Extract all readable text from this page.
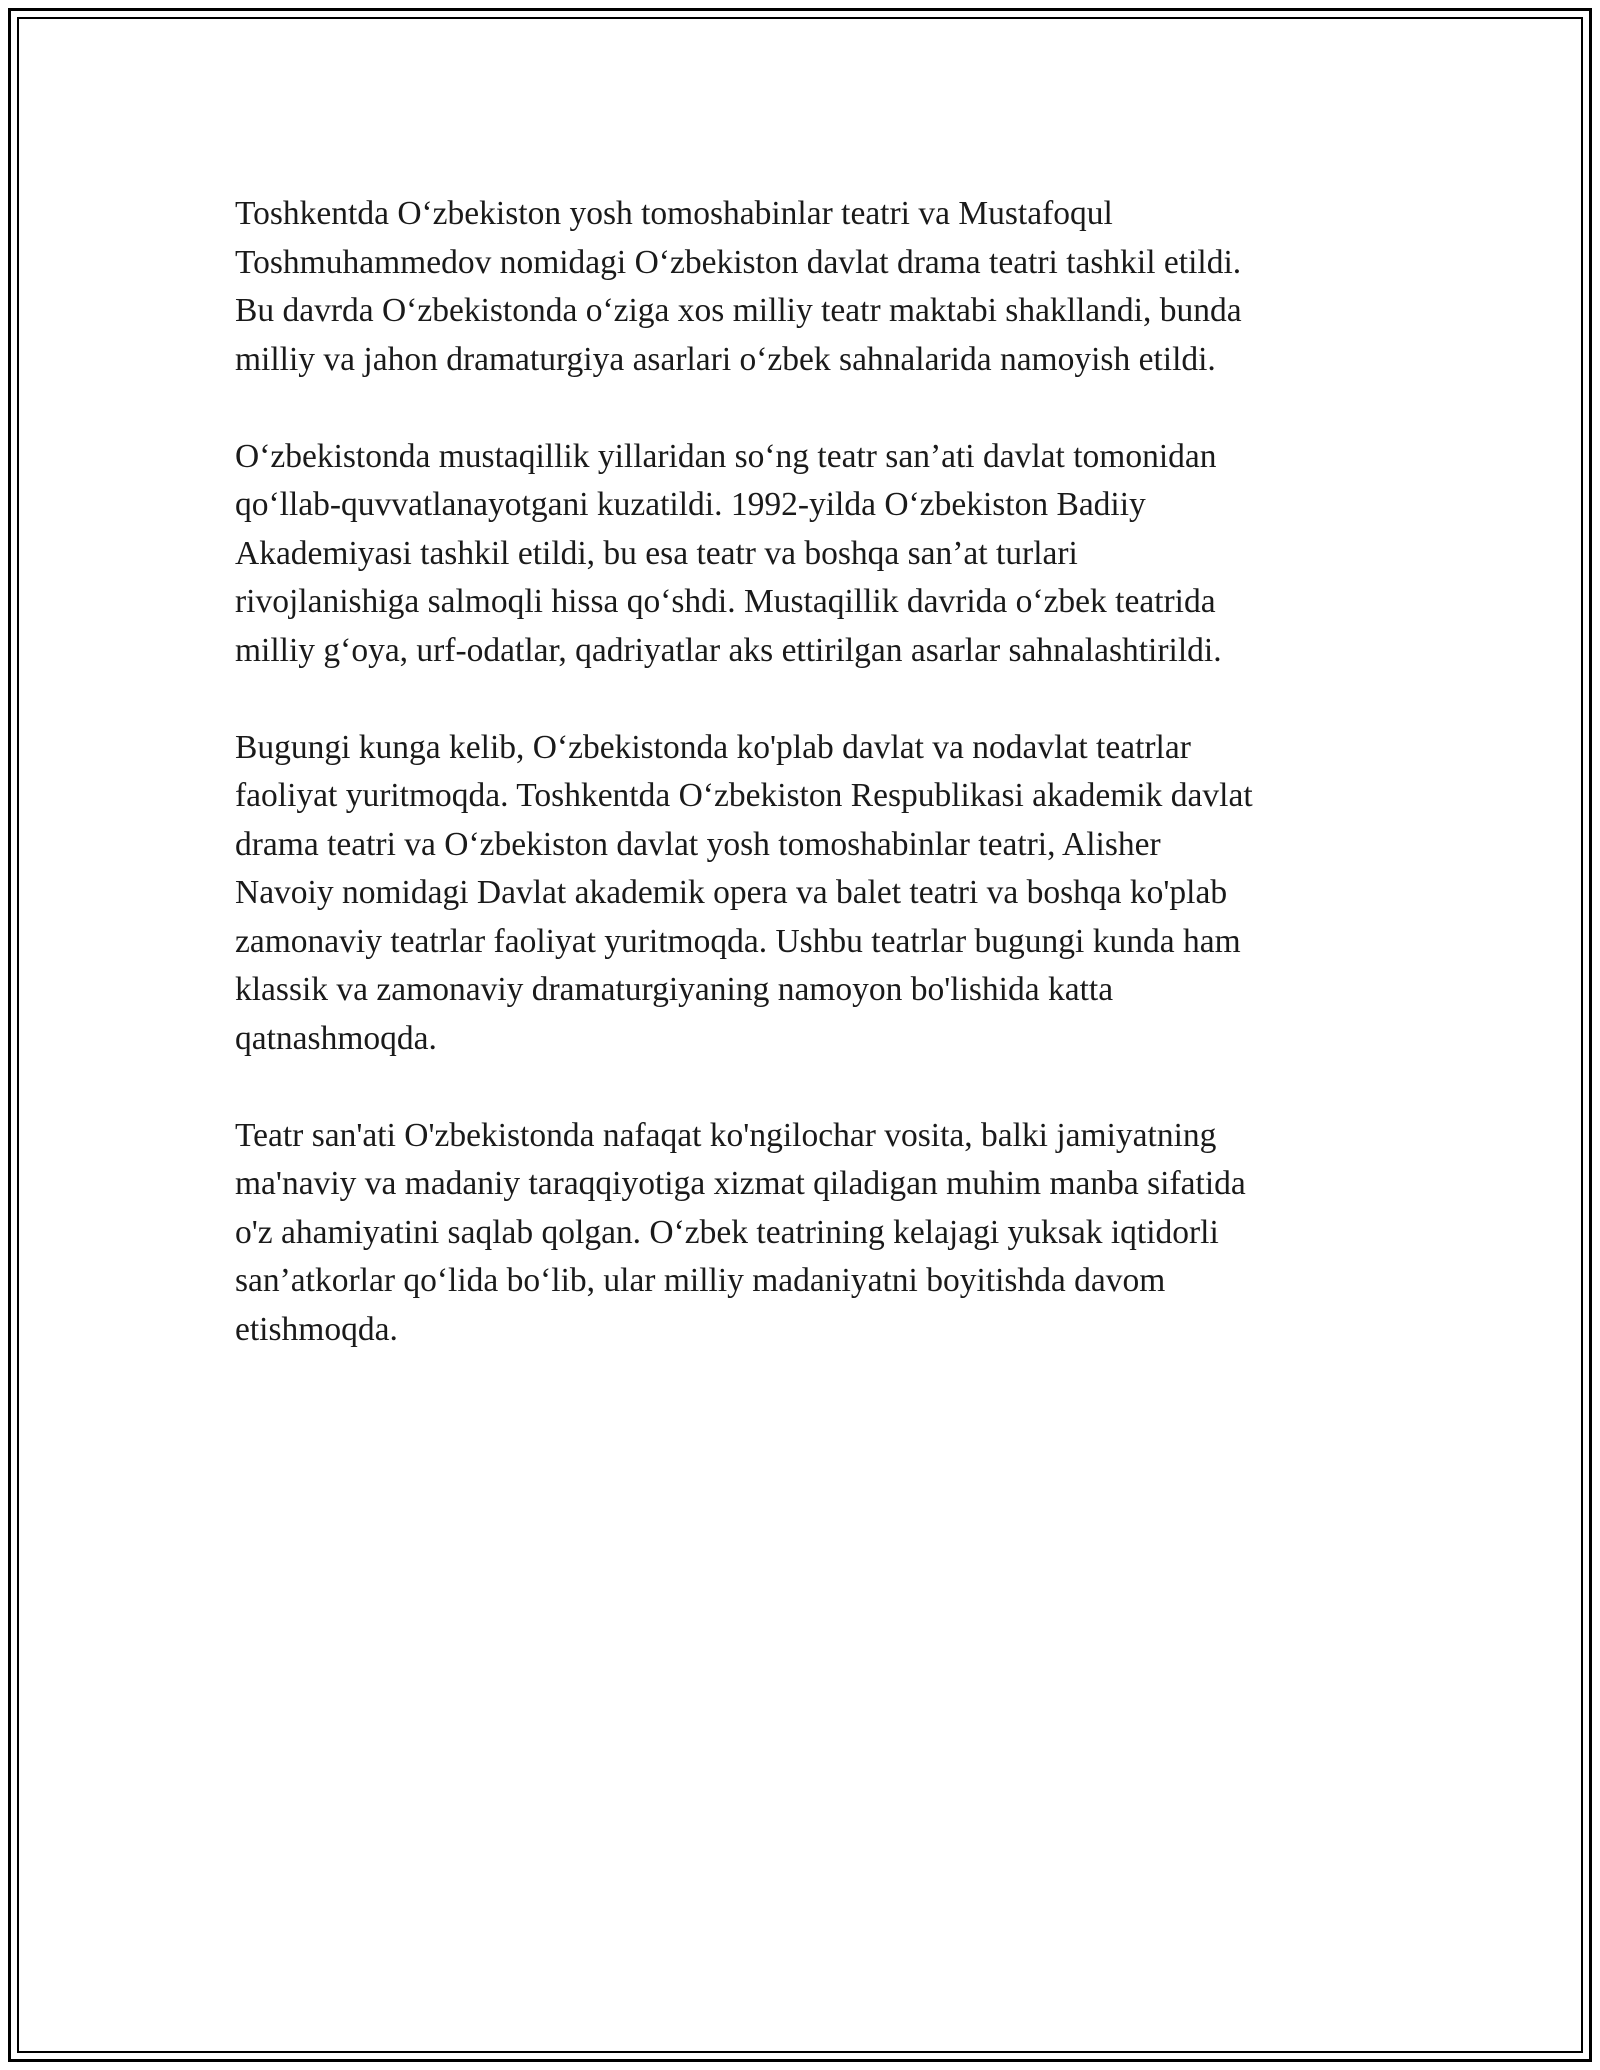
Toshkentda O‘zbekiston yosh tomoshabinlar teatri va Mustafoqul
Toshmuhammedov nomidagi O‘zbekiston davlat drama teatri tashkil etildi.
Bu davrda O‘zbekistonda o‘ziga xos milliy teatr maktabi shakllandi, bunda
milliy va jahon dramaturgiya asarlari o‘zbek sahnalarida namoyish etildi.

O‘zbekistonda mustaqillik yillaridan so‘ng teatr san’ati davlat tomonidan
qo‘llab-quvvatlanayotgani kuzatildi. 1992-yilda O‘zbekiston Badiiy
Akademiyasi tashkil etildi, bu esa teatr va boshqa san’at turlari
rivojlanishiga salmoqli hissa qo‘shdi. Mustaqillik davrida o‘zbek teatrida
milliy g‘oya, urf-odatlar, qadriyatlar aks ettirilgan asarlar sahnalashtirildi.

Bugungi kunga kelib, O‘zbekistonda ko'plab davlat va nodavlat teatrlar
faoliyat yuritmoqda. Toshkentda O‘zbekiston Respublikasi akademik davlat
drama teatri va O‘zbekiston davlat yosh tomoshabinlar teatri, Alisher
Navoiy nomidagi Davlat akademik opera va balet teatri va boshqa ko'plab
zamonaviy teatrlar faoliyat yuritmoqda. Ushbu teatrlar bugungi kunda ham
klassik va zamonaviy dramaturgiyaning namoyon bo'lishida katta
qatnashmoqda.

Teatr san'ati O'zbekistonda nafaqat ko'ngilochar vosita, balki jamiyatning
ma'naviy va madaniy taraqqiyotiga xizmat qiladigan muhim manba sifatida
o'z ahamiyatini saqlab qolgan. O‘zbek teatrining kelajagi yuksak iqtidorli
san’atkorlar qo‘lida bo‘lib, ular milliy madaniyatni boyitishda davom
etishmoqda.
